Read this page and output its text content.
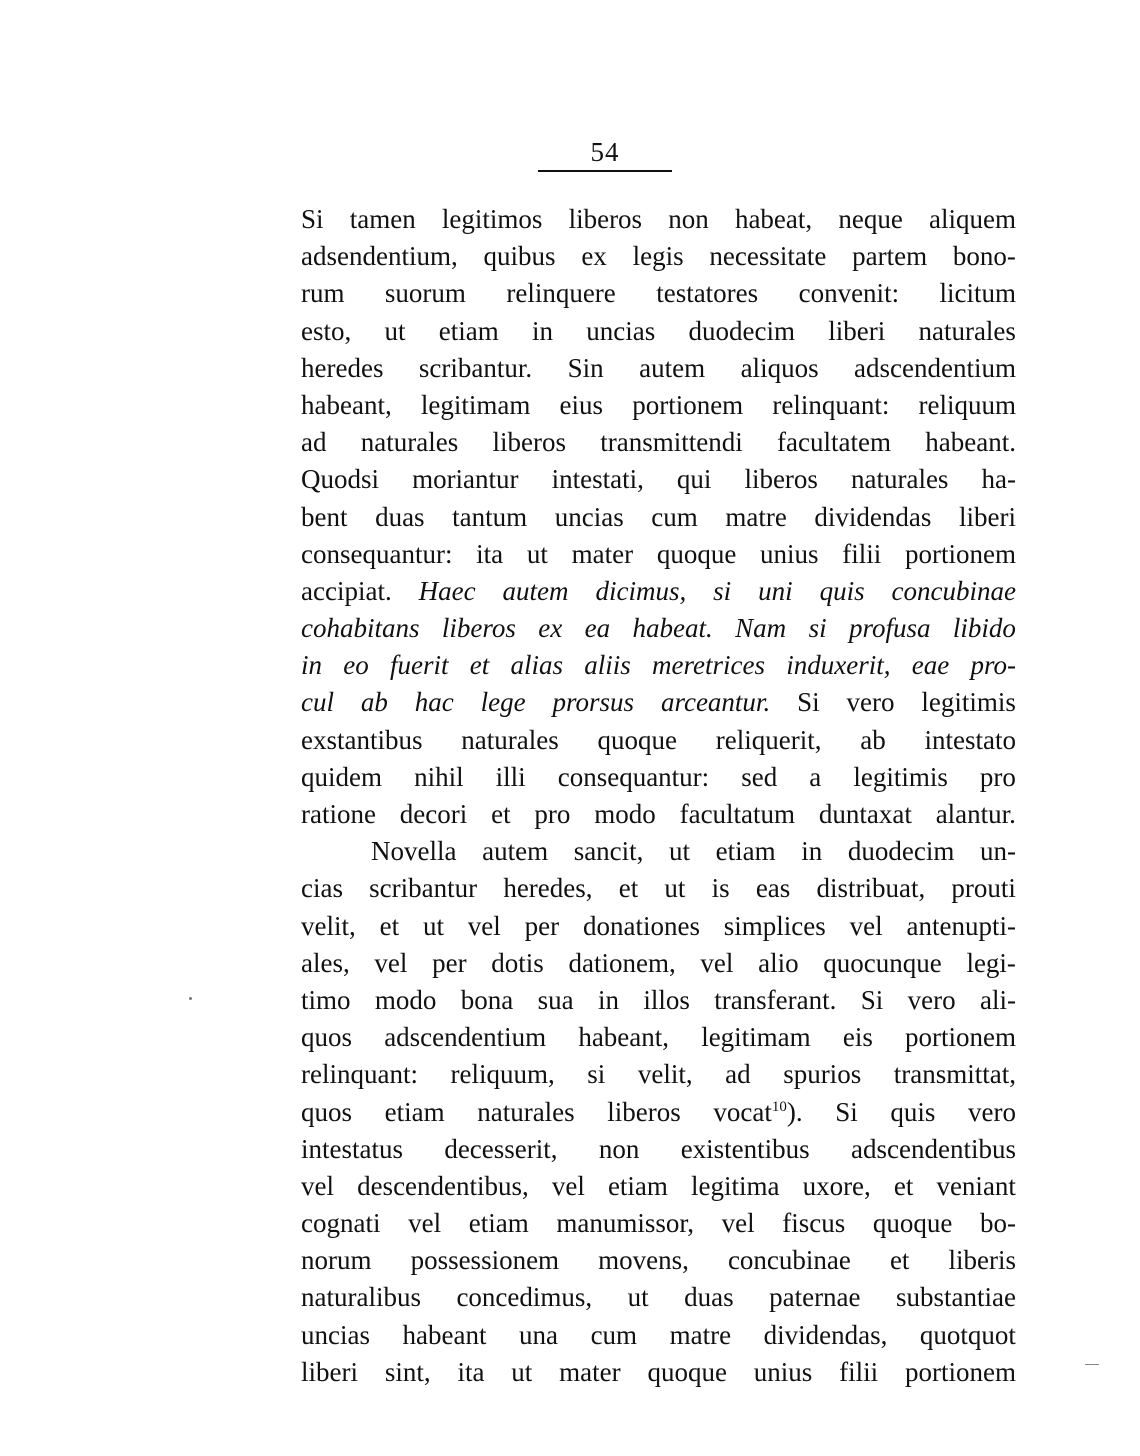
54
Si tamen legitimos liberos non habeat, neque aliquem
adsendentium, quibus ex legis necessitate partem bono-
rum suorum relinquere testatores convenit: licitum
esto, ut etiam in uncias duodecim liberi naturales
heredes scribantur. Sin autem aliquos adscendentium
habeant, legitimam eius portionem relinquant: reliquum
ad naturales liberos transmittendi facultatem habeant.
Quodsi moriantur intestati, qui liberos naturales ha-
bent duas tantum uncias cum matre dividendas liberi
consequantur: ita ut mater quoque unius filii portionem
accipiat. Haec autem dicimus, si uni quis concubinae
cohabitans liberos ex ea habeat. Nam si profusa libido
in eo fuerit et alias aliis meretrices induxerit, eae pro-
cul ab hac lege prorsus arceantur. Si vero legitimis
exstantibus naturales quoque reliquerit, ab intestato
quidem nihil illi consequantur: sed a legitimis pro
ratione decori et pro modo facultatum duntaxat alantur.
Novella autem sancit, ut etiam in duodecim un-
cias scribantur heredes, et ut is eas distribuat, prouti
velit, et ut vel per donationes simplices vel antenupti-
ales, vel per dotis dationem, vel alio quocunque legi-
timo modo bona sua in illos transferant. Si vero ali-
quos adscendentium habeant, legitimam eis portionem
relinquant: reliquum, si velit, ad spurios transmittat,
quos etiam naturales liberos vocat10). Si quis vero
intestatus decesserit, non existentibus adscendentibus
vel descendentibus, vel etiam legitima uxore, et veniant
cognati vel etiam manumissor, vel fiscus quoque bo-
norum possessionem movens, concubinae et liberis
naturalibus concedimus, ut duas paternae substantiae
uncias habeant una cum matre dividendas, quotquot
liberi sint, ita ut mater quoque unius filii portionem
